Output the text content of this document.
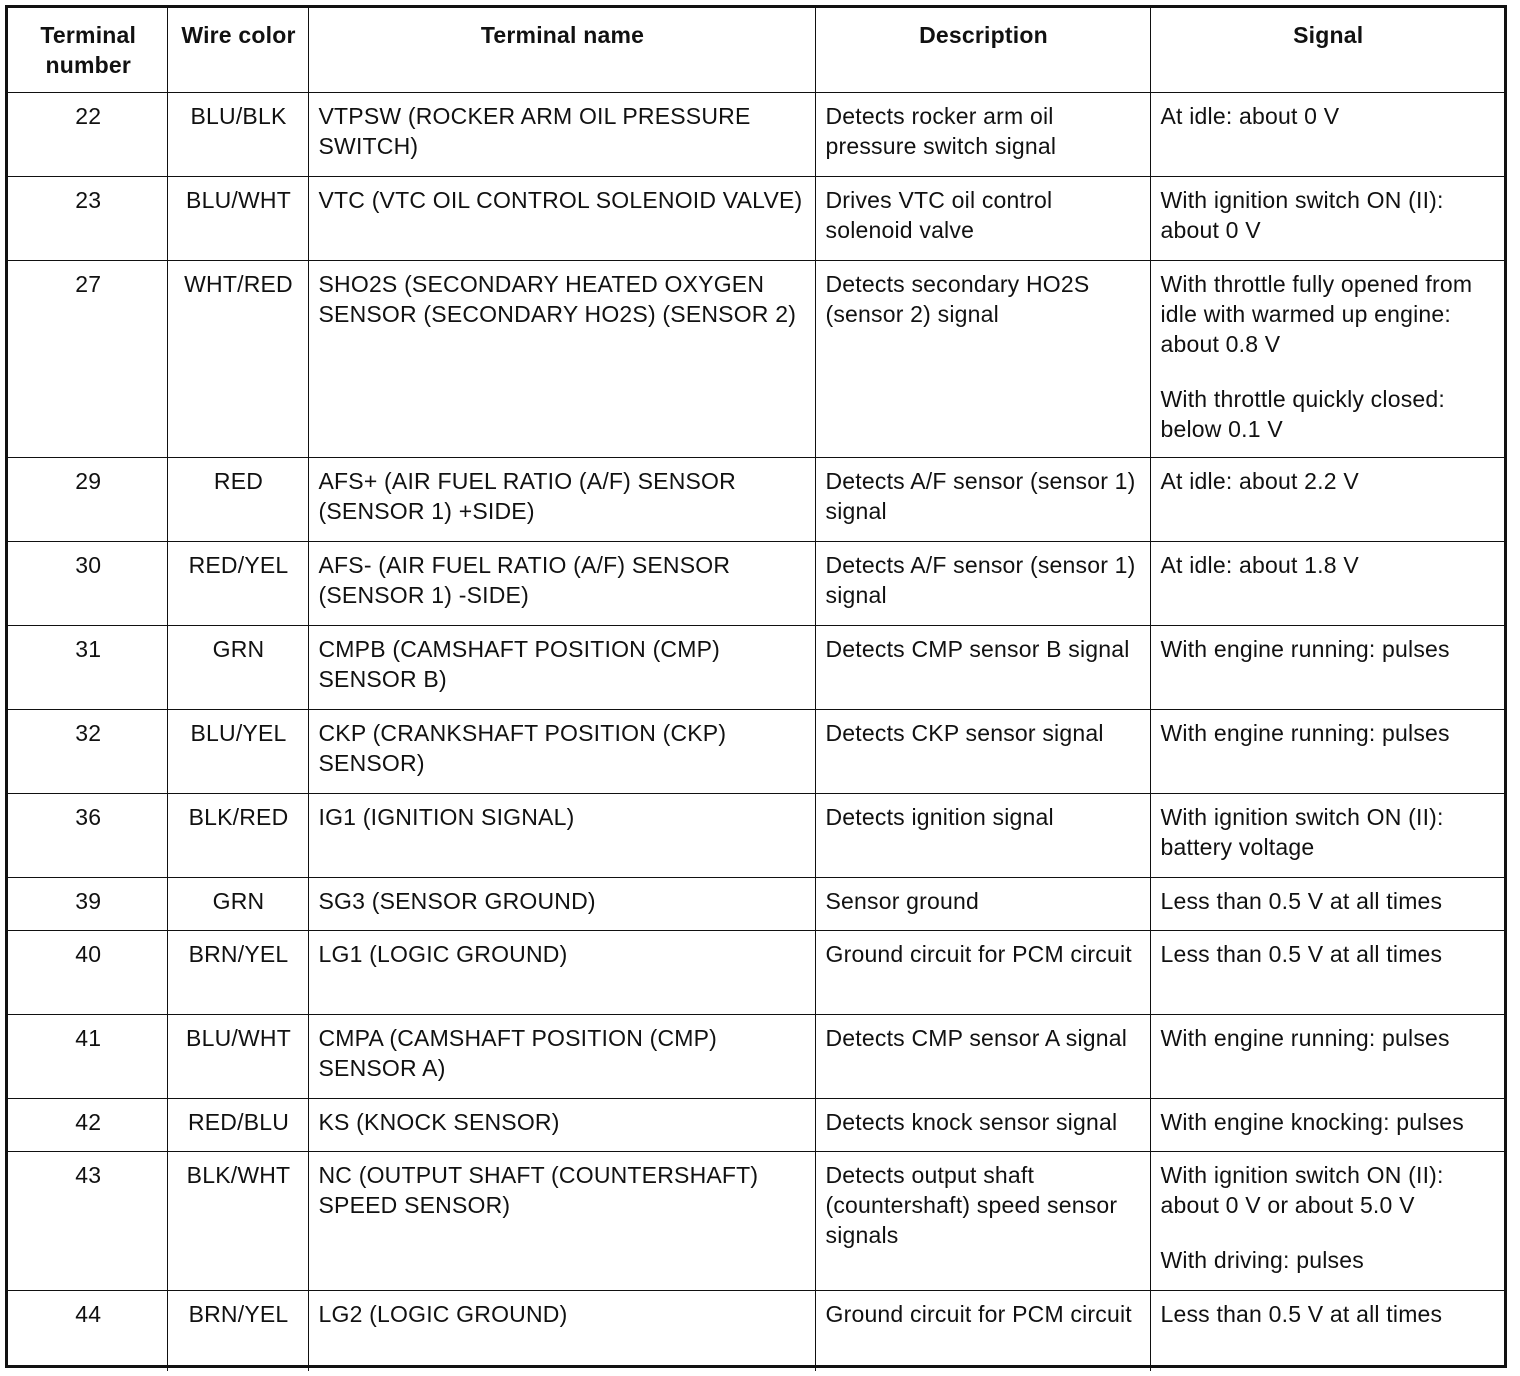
Terminal number	Wire color	Terminal name	Description	Signal
22	BLU/BLK	VTPSW (ROCKER ARM OIL PRESSURE SWITCH)	Detects rocker arm oil pressure switch signal	At idle: about 0 V

23	BLU/WHT	VTC (VTC OIL CONTROL SOLENOID VALVE)	Drives VTC oil control solenoid valve	With ignition switch ON (II): about 0 V

27	WHT/RED	SHO2S (SECONDARY HEATED OXYGEN SENSOR (SECONDARY HO2S) (SENSOR 2)	Detects secondary HO2S (sensor 2) signal	With throttle fully opened from idle with warmed up engine: about 0.8 V

With throttle quickly closed: below 0.1 V

29	RED	AFS+ (AIR FUEL RATIO (A/F) SENSOR (SENSOR 1) +SIDE)	Detects A/F sensor (sensor 1) signal	At idle: about 2.2 V

30	RED/YEL	AFS- (AIR FUEL RATIO (A/F) SENSOR (SENSOR 1) -SIDE)	Detects A/F sensor (sensor 1) signal	At idle: about 1.8 V

31	GRN	CMPB (CAMSHAFT POSITION (CMP) SENSOR B)	Detects CMP sensor B signal	With engine running: pulses

32	BLU/YEL	CKP (CRANKSHAFT POSITION (CKP) SENSOR)	Detects CKP sensor signal	With engine running: pulses

36	BLK/RED	IG1 (IGNITION SIGNAL)	Detects ignition signal	With ignition switch ON (II): battery voltage

39	GRN	SG3 (SENSOR GROUND)	Sensor ground	Less than 0.5 V at all times

40	BRN/YEL	LG1 (LOGIC GROUND)	Ground circuit for PCM circuit	Less than 0.5 V at all times

41	BLU/WHT	CMPA (CAMSHAFT POSITION (CMP) SENSOR A)	Detects CMP sensor A signal	With engine running: pulses

42	RED/BLU	KS (KNOCK SENSOR)	Detects knock sensor signal	With engine knocking: pulses

43	BLK/WHT	NC (OUTPUT SHAFT (COUNTERSHAFT) SPEED SENSOR)	Detects output shaft (countershaft) speed sensor signals	With ignition switch ON (II): about 0 V or about 5.0 V

With driving: pulses

44	BRN/YEL	LG2 (LOGIC GROUND)	Ground circuit for PCM circuit	Less than 0.5 V at all times
